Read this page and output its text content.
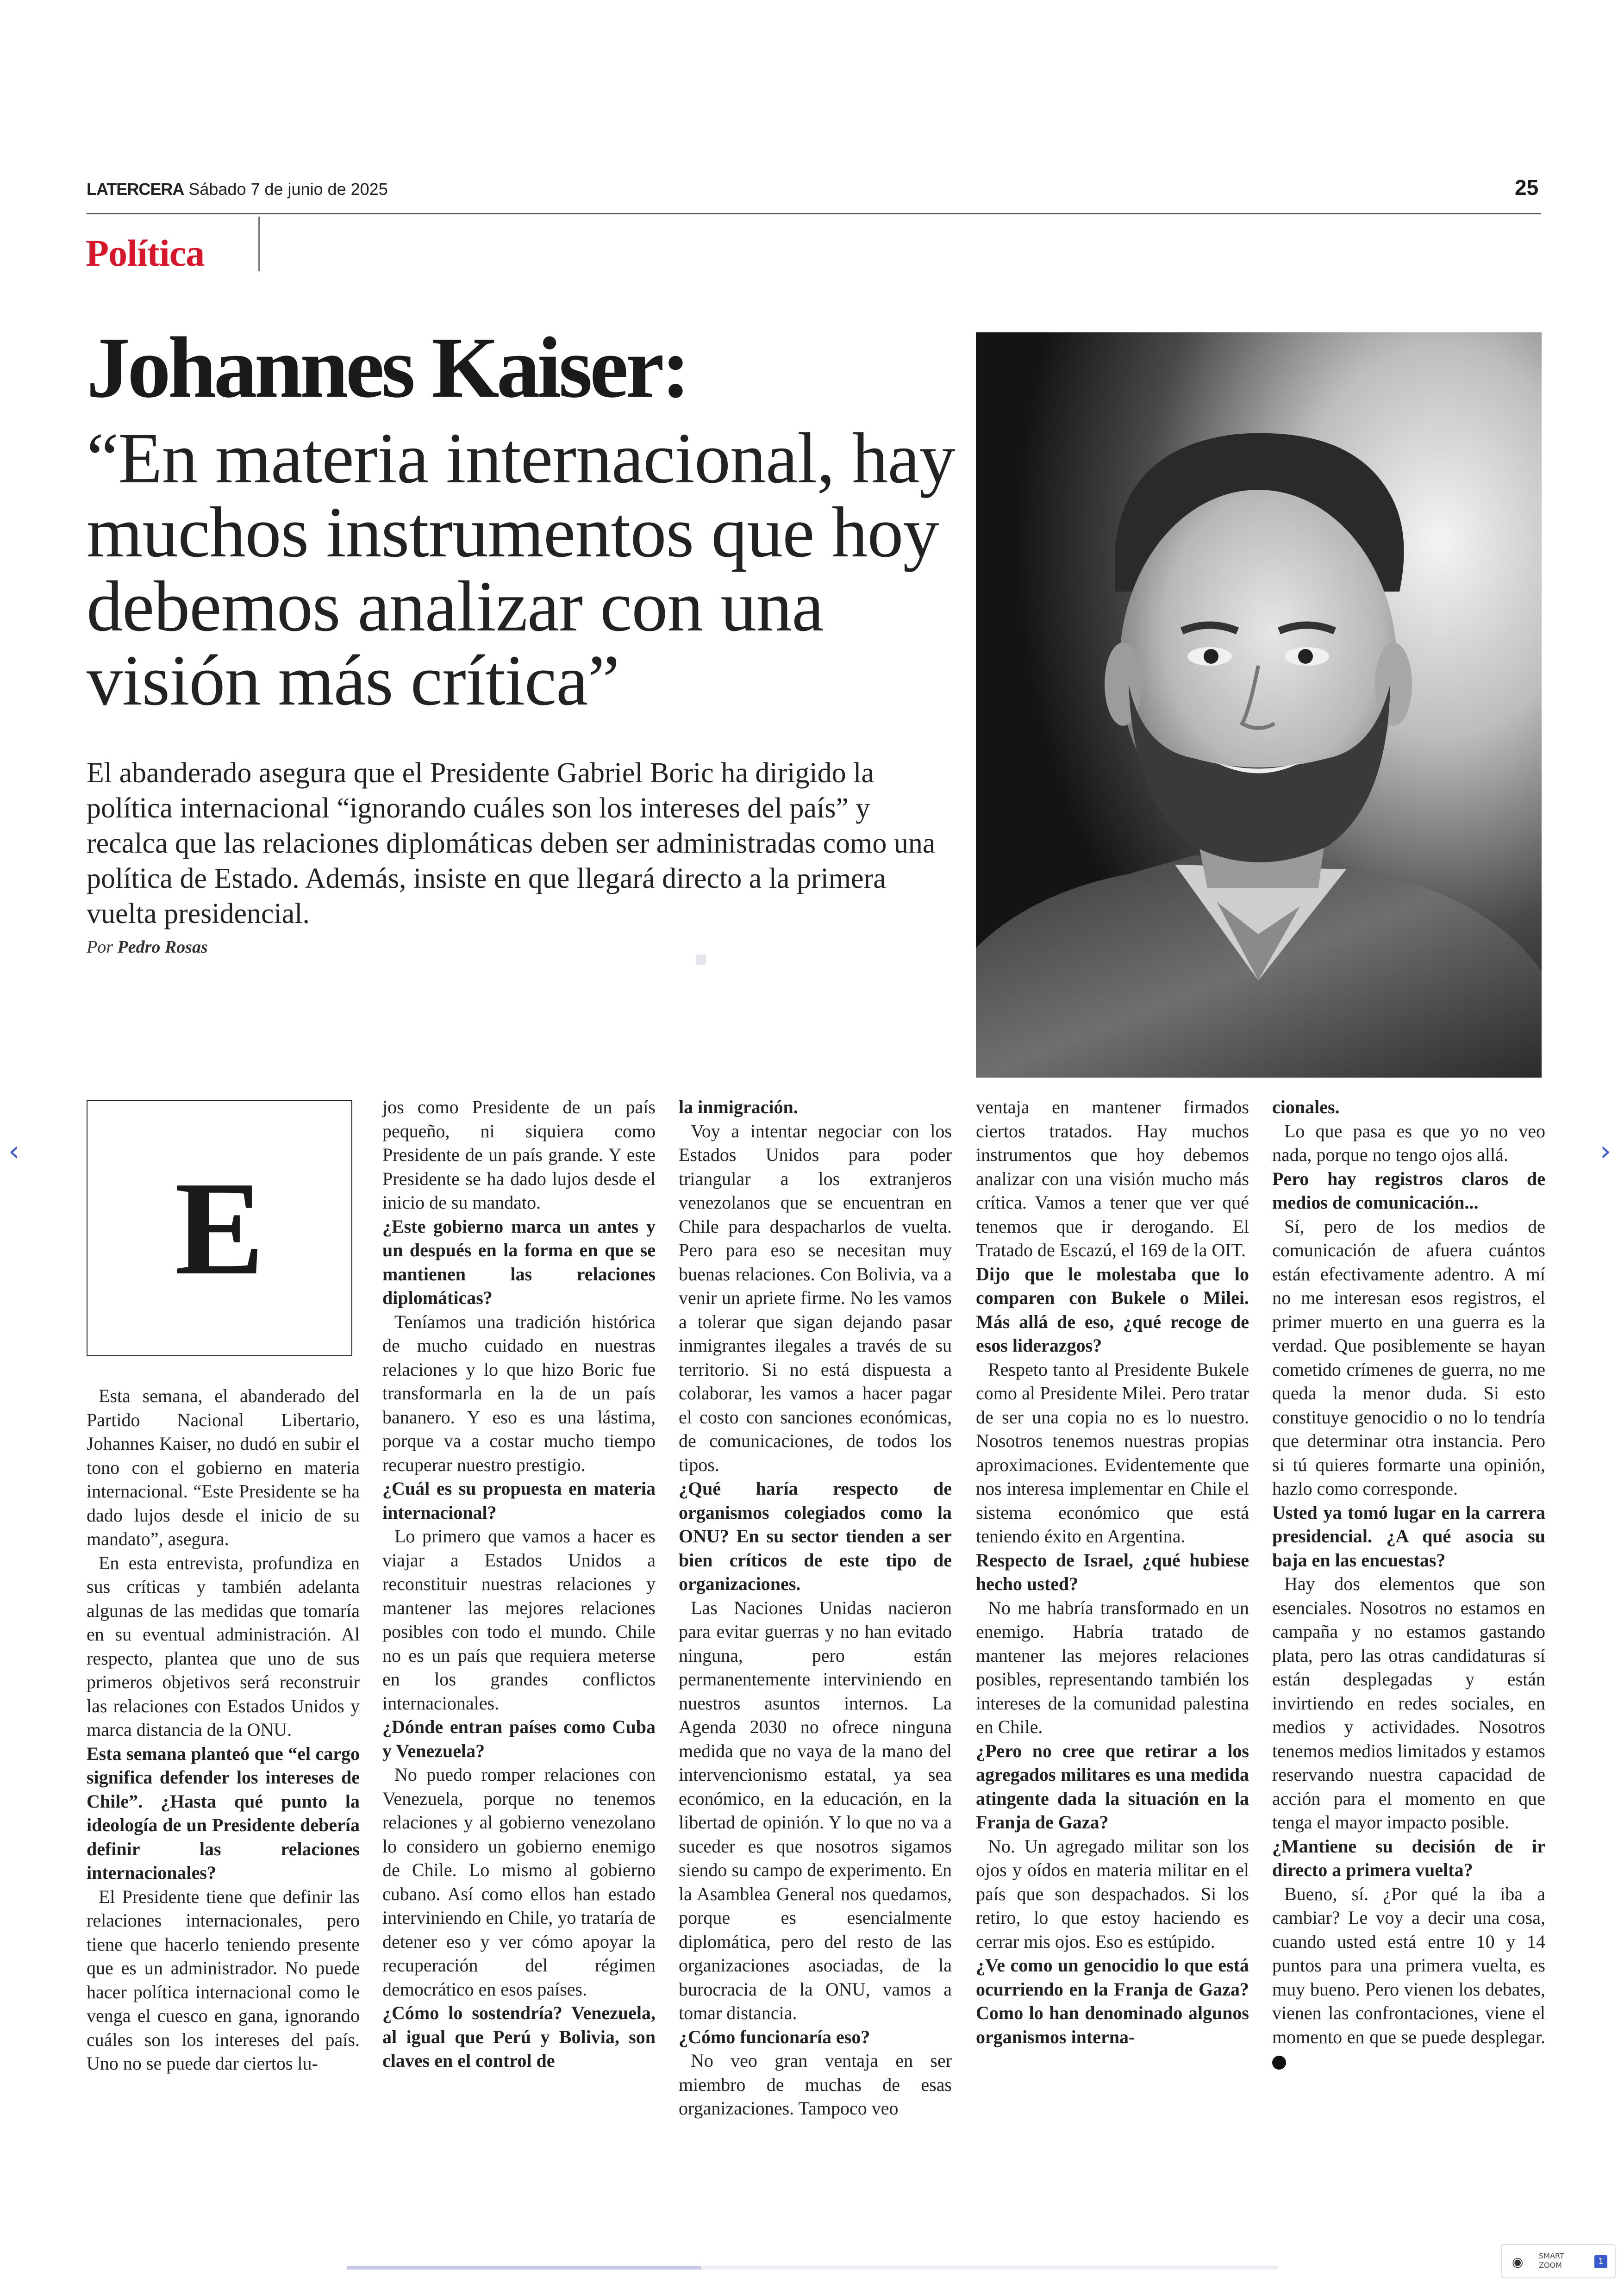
LATERCERA Sábado 7 de junio de 2025	25
Política
Johannes Kaiser:
“En materia internacional, hay muchos instrumentos que hoy debemos analizar con una visión más crítica”
El abanderado asegura que el Presidente Gabriel Boric ha dirigido la política internacional “ignorando cuáles son los intereses del país” y recalca que las relaciones diplomáticas deben ser administradas como una política de Estado. Además, insiste en que llegará directo a la primera vuelta presidencial.
Por Pedro Rosas
E

Esta semana, el abanderado del Partido Nacional Libertario, Johannes Kaiser, no dudó en subir el tono con el gobierno en materia internacional. “Este Presidente se ha dado lujos desde el inicio de su mandato”, asegura.

En esta entrevista, profundiza en sus críticas y también adelanta algunas de las medidas que tomaría en su eventual administración. Al respecto, plantea que uno de sus primeros objetivos será reconstruir las relaciones con Estados Unidos y marca distancia de la ONU.

Esta semana planteó que “el cargo significa defender los intereses de Chile”. ¿Hasta qué punto la ideología de un Presidente debería definir las relaciones internacionales?

El Presidente tiene que definir las relaciones internacionales, pero tiene que hacerlo teniendo presente que es un administrador. No puede hacer política internacional como le venga el cuesco en gana, ignorando cuáles son los intereses del país. Uno no se puede dar ciertos lu-

jos como Presidente de un país pequeño, ni siquiera como Presidente de un país grande. Y este Presidente se ha dado lujos desde el inicio de su mandato.

¿Este gobierno marca un antes y un después en la forma en que se mantienen las relaciones diplomáticas?

Teníamos una tradición histórica de mucho cuidado en nuestras relaciones y lo que hizo Boric fue transformarla en la de un país bananero. Y eso es una lástima, porque va a costar mucho tiempo recuperar nuestro prestigio.

¿Cuál es su propuesta en materia internacional?

Lo primero que vamos a hacer es viajar a Estados Unidos a reconstituir nuestras relaciones y mantener las mejores relaciones posibles con todo el mundo. Chile no es un país que requiera meterse en los grandes conflictos internacionales.

¿Dónde entran países como Cuba y Venezuela?

No puedo romper relaciones con Venezuela, porque no tenemos relaciones y al gobierno venezolano lo considero un gobierno enemigo de Chile. Lo mismo al gobierno cubano. Así como ellos han estado interviniendo en Chile, yo trataría de detener eso y ver cómo apoyar la recuperación del régimen democrático en esos países.

¿Cómo lo sostendría? Venezuela, al igual que Perú y Bolivia, son claves en el control de

la inmigración.

Voy a intentar negociar con los Estados Unidos para poder triangular a los extranjeros venezolanos que se encuentran en Chile para despacharlos de vuelta. Pero para eso se necesitan muy buenas relaciones. Con Bolivia, va a venir un apriete firme. No les vamos a tolerar que sigan dejando pasar inmigrantes ilegales a través de su territorio. Si no está dispuesta a colaborar, les vamos a hacer pagar el costo con sanciones económicas, de comunicaciones, de todos los tipos.

¿Qué haría respecto de organismos colegiados como la ONU? En su sector tienden a ser bien críticos de este tipo de organizaciones.

Las Naciones Unidas nacieron para evitar guerras y no han evitado ninguna, pero están permanentemente interviniendo en nuestros asuntos internos. La Agenda 2030 no ofrece ninguna medida que no vaya de la mano del intervencionismo estatal, ya sea económico, en la educación, en la libertad de opinión. Y lo que no va a suceder es que nosotros sigamos siendo su campo de experimento. En la Asamblea General nos quedamos, porque es esencialmente diplomática, pero del resto de las organizaciones asociadas, de la burocracia de la ONU, vamos a tomar distancia.

¿Cómo funcionaría eso?

No veo gran ventaja en ser miembro de muchas de esas organizaciones. Tampoco veo

ventaja en mantener firmados ciertos tratados. Hay muchos instrumentos que hoy debemos analizar con una visión mucho más crítica. Vamos a tener que ver qué tenemos que ir derogando. El Tratado de Escazú, el 169 de la OIT.

Dijo que le molestaba que lo comparen con Bukele o Milei. Más allá de eso, ¿qué recoge de esos liderazgos?

Respeto tanto al Presidente Bukele como al Presidente Milei. Pero tratar de ser una copia no es lo nuestro. Nosotros tenemos nuestras propias aproximaciones. Evidentemente que nos interesa implementar en Chile el sistema económico que está teniendo éxito en Argentina.

Respecto de Israel, ¿qué hubiese hecho usted?

No me habría transformado en un enemigo. Habría tratado de mantener las mejores relaciones posibles, representando también los intereses de la comunidad palestina en Chile.

¿Pero no cree que retirar a los agregados militares es una medida atingente dada la situación en la Franja de Gaza?

No. Un agregado militar son los ojos y oídos en materia militar en el país que son despachados. Si los retiro, lo que estoy haciendo es cerrar mis ojos. Eso es estúpido.

¿Ve como un genocidio lo que está ocurriendo en la Franja de Gaza? Como lo han denominado algunos organismos interna-

cionales.

Lo que pasa es que yo no veo nada, porque no tengo ojos allá.

Pero hay registros claros de medios de comunicación...

Sí, pero de los medios de comunicación de afuera cuántos están efectivamente adentro. A mí no me interesan esos registros, el primer muerto en una guerra es la verdad. Que posiblemente se hayan cometido crímenes de guerra, no me queda la menor duda. Si esto constituye genocidio o no lo tendría que determinar otra instancia. Pero si tú quieres formarte una opinión, hazlo como corresponde.

Usted ya tomó lugar en la carrera presidencial. ¿A qué asocia su baja en las encuestas?

Hay dos elementos que son esenciales. Nosotros no estamos en campaña y no estamos gastando plata, pero las otras candidaturas sí están desplegadas y están invirtiendo en redes sociales, en medios y actividades. Nosotros tenemos medios limitados y estamos reservando nuestra capacidad de acción para el momento en que tenga el mayor impacto posible.

¿Mantiene su decisión de ir directo a primera vuelta?

Bueno, sí. ¿Por qué la iba a cambiar? Le voy a decir una cosa, cuando usted está entre 10 y 14 puntos para una primera vuelta, es muy bueno. Pero vienen los debates, vienen las confrontaciones, viene el momento en que se puede desplegar.

‹	›
◉ SMART ZOOM	1
